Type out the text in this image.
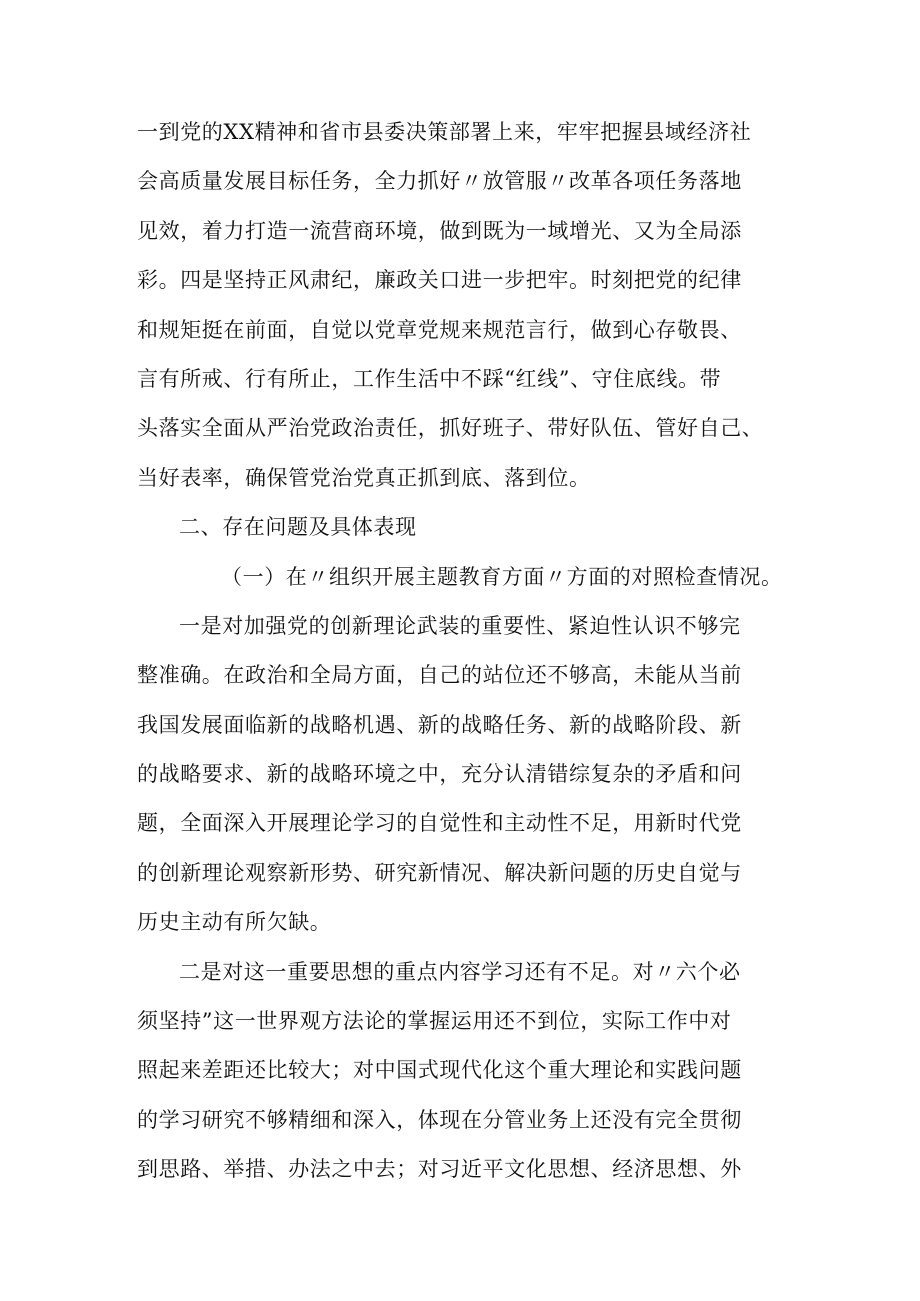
一到党的XX精神和省市县委决策部署上来，牢牢把握县域经济社
会高质量发展目标任务，全力抓好〃放管服〃改革各项任务落地
见效，着力打造一流营商环境，做到既为一域增光、又为全局添
彩。四是坚持正风肃纪，廉政关口进一步把牢。时刻把党的纪律
和规矩挺在前面，自觉以党章党规来规范言行，做到心存敬畏、
言有所戒、行有所止，工作生活中不踩“红线”、守住底线。带
头落实全面从严治党政治责任，抓好班子、带好队伍、管好自己、
当好表率，确保管党治党真正抓到底、落到位。
二、存在问题及具体表现
（一）在〃组织开展主题教育方面〃方面的对照检查情况。
一是对加强党的创新理论武装的重要性、紧迫性认识不够完
整准确。在政治和全局方面，自己的站位还不够高，未能从当前
我国发展面临新的战略机遇、新的战略任务、新的战略阶段、新
的战略要求、新的战略环境之中，充分认清错综复杂的矛盾和问
题，全面深入开展理论学习的自觉性和主动性不足，用新时代党
的创新理论观察新形势、研究新情况、解决新问题的历史自觉与
历史主动有所欠缺。
二是对这一重要思想的重点内容学习还有不足。对〃六个必
须坚持”这一世界观方法论的掌握运用还不到位，实际工作中对
照起来差距还比较大；对中国式现代化这个重大理论和实践问题
的学习研究不够精细和深入，体现在分管业务上还没有完全贯彻
到思路、举措、办法之中去；对习近平文化思想、经济思想、外
